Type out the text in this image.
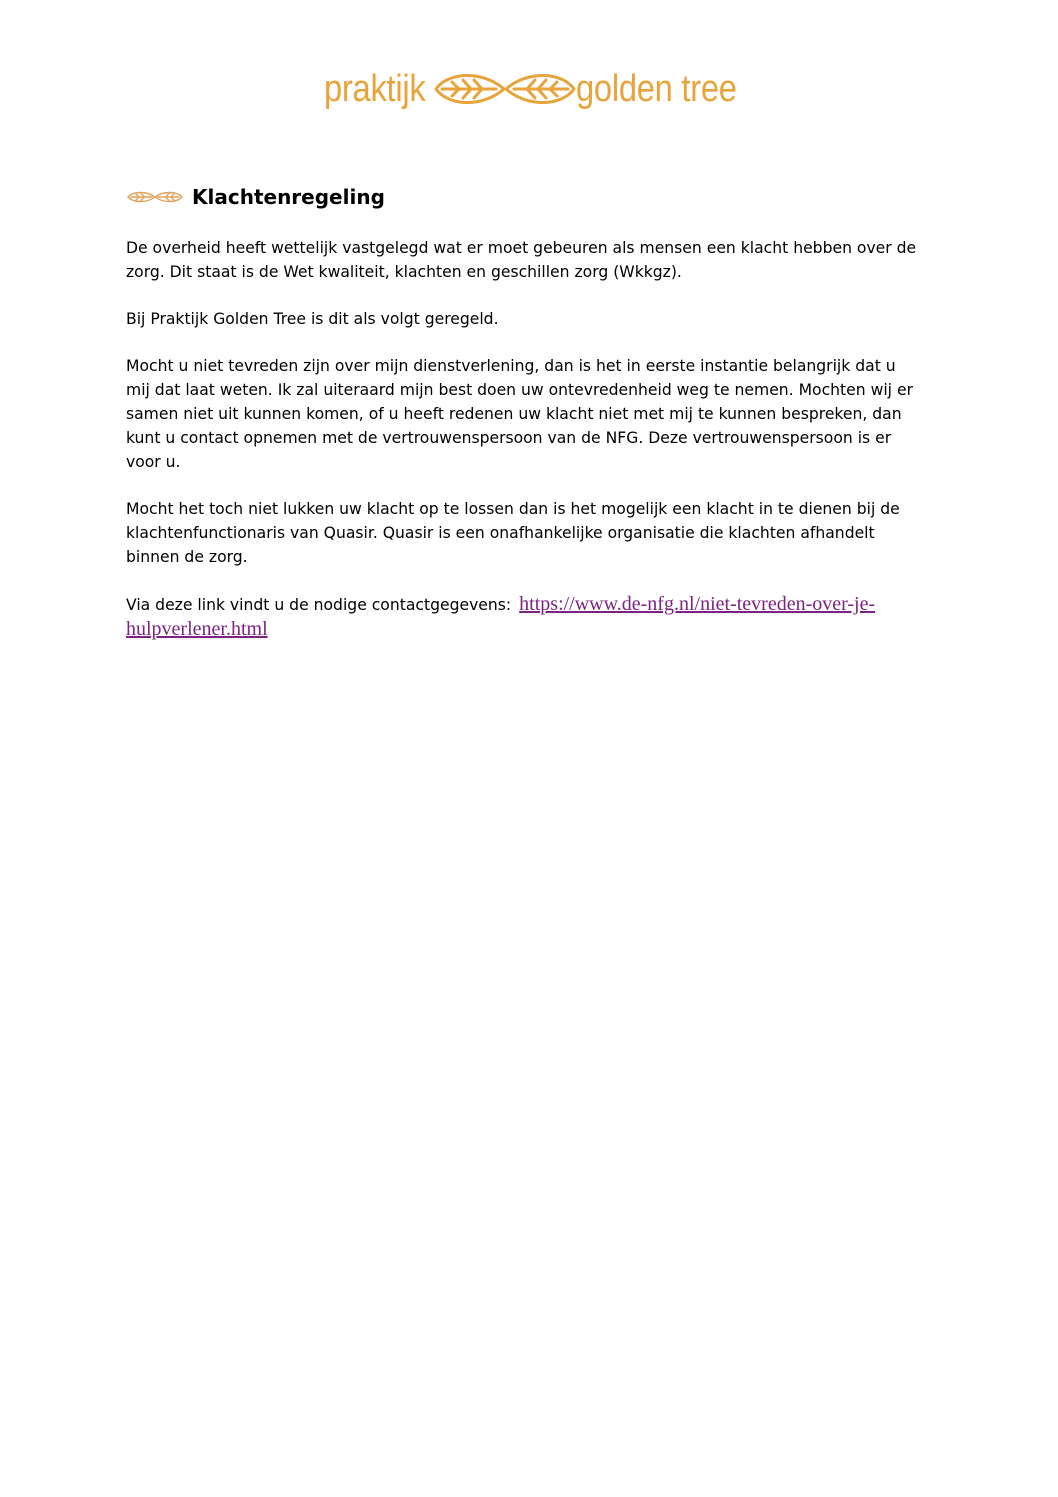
praktijk	golden tree
Klachtenregeling

De overheid heeft wettelijk vastgelegd wat er moet gebeuren als mensen een klacht hebben over de
zorg. Dit staat is de Wet kwaliteit, klachten en geschillen zorg (Wkkgz).

Bij Praktijk Golden Tree is dit als volgt geregeld.

Mocht u niet tevreden zijn over mijn dienstverlening, dan is het in eerste instantie belangrijk dat u
mij dat laat weten. Ik zal uiteraard mijn best doen uw ontevredenheid weg te nemen. Mochten wij er
samen niet uit kunnen komen, of u heeft redenen uw klacht niet met mij te kunnen bespreken, dan
kunt u contact opnemen met de vertrouwenspersoon van de NFG. Deze vertrouwenspersoon is er
voor u.

Mocht het toch niet lukken uw klacht op te lossen dan is het mogelijk een klacht in te dienen bij de
klachtenfunctionaris van Quasir. Quasir is een onafhankelijke organisatie die klachten afhandelt
binnen de zorg.

Via deze link vindt u de nodige contactgegevens: https://www.de-nfg.nl/niet-tevreden-over-je-hulpverlener.html
